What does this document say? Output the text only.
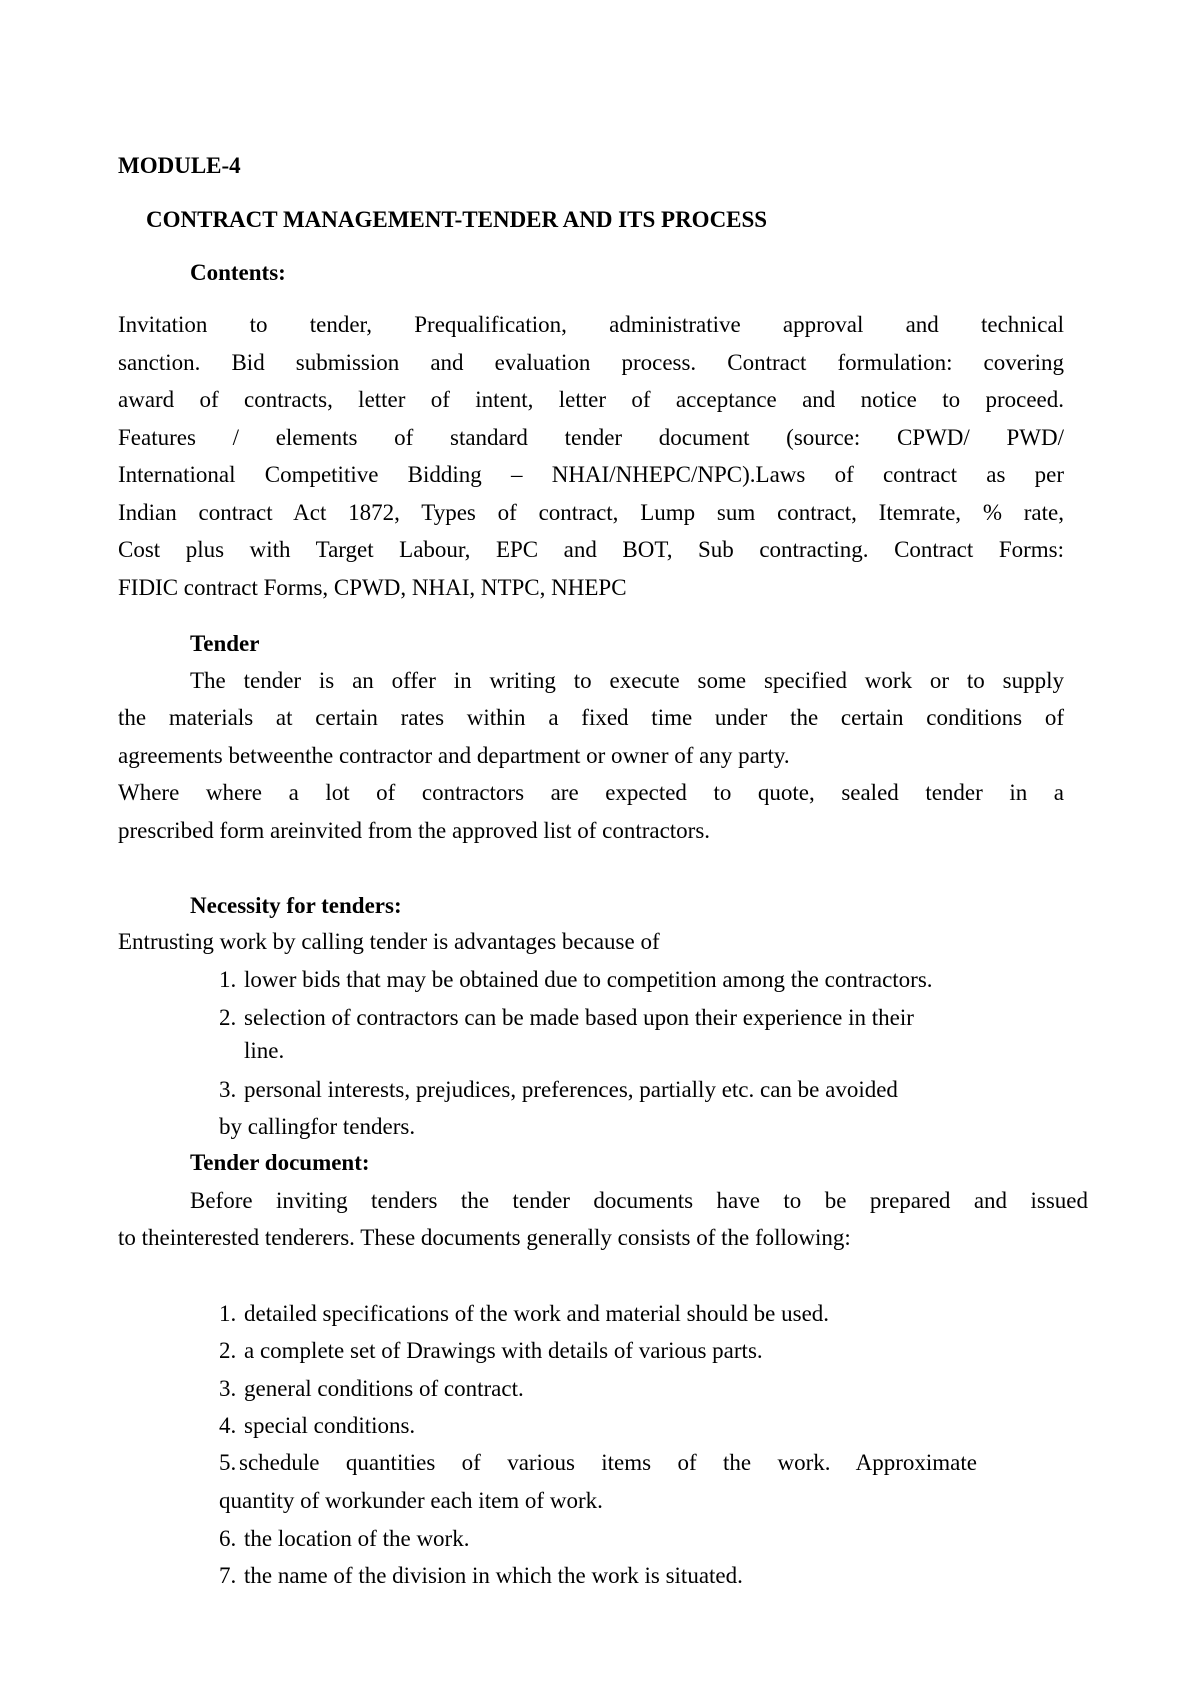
MODULE-4
CONTRACT MANAGEMENT-TENDER AND ITS PROCESS
Contents:
Invitation to tender, Prequalification, administrative approval and technical
sanction. Bid submission and evaluation process. Contract formulation: covering
award of contracts, letter of intent, letter of acceptance and notice to proceed.
Features / elements of standard tender document (source: CPWD/ PWD/
International Competitive Bidding – NHAI/NHEPC/NPC).Laws of contract as per
Indian contract Act 1872, Types of contract, Lump sum contract, Itemrate, % rate,
Cost plus with Target Labour, EPC and BOT, Sub contracting. Contract Forms:
FIDIC contract Forms, CPWD, NHAI, NTPC, NHEPC
Tender
The tender is an offer in writing to execute some specified work or to supply
the materials at certain rates within a fixed time under the certain conditions of
agreements betweenthe contractor and department or owner of any party.
Where where a lot of contractors are expected to quote, sealed tender in a
prescribed form areinvited from the approved list of contractors.
Necessity for tenders:
Entrusting work by calling tender is advantages because of
1. lower bids that may be obtained due to competition among the contractors.
2. selection of contractors can be made based upon their experience in their
line.
3. personal interests, prejudices, preferences, partially etc. can be avoided
by callingfor tenders.
Tender document:
Before inviting tenders the tender documents have to be prepared and issued
to theinterested tenderers. These documents generally consists of the following:
1. detailed specifications of the work and material should be used.
2. a complete set of Drawings with details of various parts.
3. general conditions of contract.
4. special conditions.
5. schedule quantities of various items of the work. Approximate
quantity of workunder each item of work.
6. the location of the work.
7. the name of the division in which the work is situated.
